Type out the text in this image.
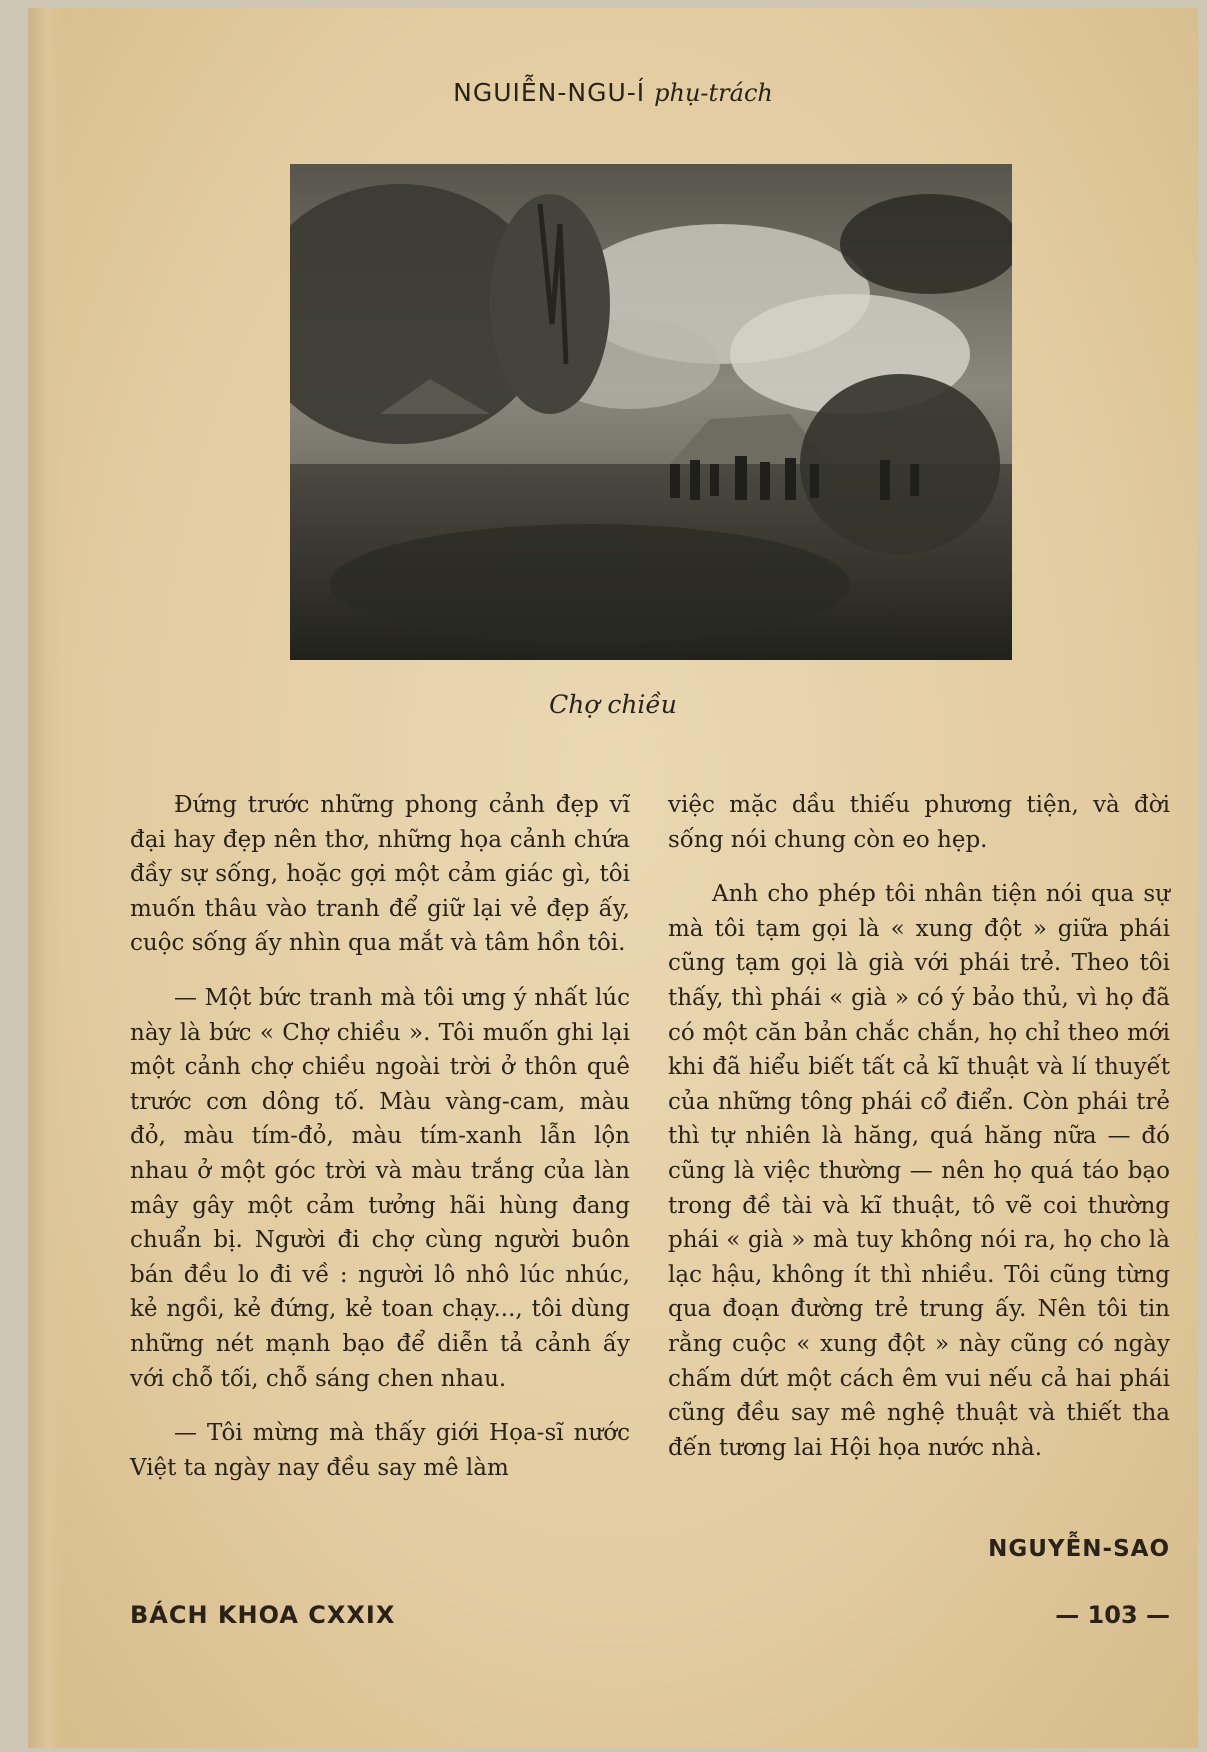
NGUIỄN-NGU-Í phụ-trách
Chợ chiều

Đứng trước những phong cảnh đẹp vĩ đại hay đẹp nên thơ, những họa cảnh chứa đầy sự sống, hoặc gợi một cảm giác gì, tôi muốn thâu vào tranh để giữ lại vẻ đẹp ấy, cuộc sống ấy nhìn qua mắt và tâm hồn tôi.

— Một bức tranh mà tôi ưng ý nhất lúc này là bức « Chợ chiều ». Tôi muốn ghi lại một cảnh chợ chiều ngoài trời ở thôn quê trước cơn dông tố. Màu vàng-cam, màu đỏ, màu tím-đỏ, màu tím-xanh lẫn lộn nhau ở một góc trời và màu trắng của làn mây gây một cảm tưởng hãi hùng đang chuẩn bị. Người đi chợ cùng người buôn bán đều lo đi về : người lô nhô lúc nhúc, kẻ ngồi, kẻ đứng, kẻ toan chạy..., tôi dùng những nét mạnh bạo để diễn tả cảnh ấy với chỗ tối, chỗ sáng chen nhau.

— Tôi mừng mà thấy giới Họa-sĩ nước Việt ta ngày nay đều say mê làm

việc mặc dầu thiếu phương tiện, và đời sống nói chung còn eo hẹp.

Anh cho phép tôi nhân tiện nói qua sự mà tôi tạm gọi là « xung đột » giữa phái cũng tạm gọi là già với phái trẻ. Theo tôi thấy, thì phái « già » có ý bảo thủ, vì họ đã có một căn bản chắc chắn, họ chỉ theo mới khi đã hiểu biết tất cả kĩ thuật và lí thuyết của những tông phái cổ điển. Còn phái trẻ thì tự nhiên là hăng, quá hăng nữa — đó cũng là việc thường — nên họ quá táo bạo trong đề tài và kĩ thuật, tô vẽ coi thường phái « già » mà tuy không nói ra, họ cho là lạc hậu, không ít thì nhiều. Tôi cũng từng qua đoạn đường trẻ trung ấy. Nên tôi tin rằng cuộc « xung đột » này cũng có ngày chấm dứt một cách êm vui nếu cả hai phái cũng đều say mê nghệ thuật và thiết tha đến tương lai Hội họa nước nhà.

NGUYỄN-SAO
BÁCH KHOA CXXIX	— 103 —
